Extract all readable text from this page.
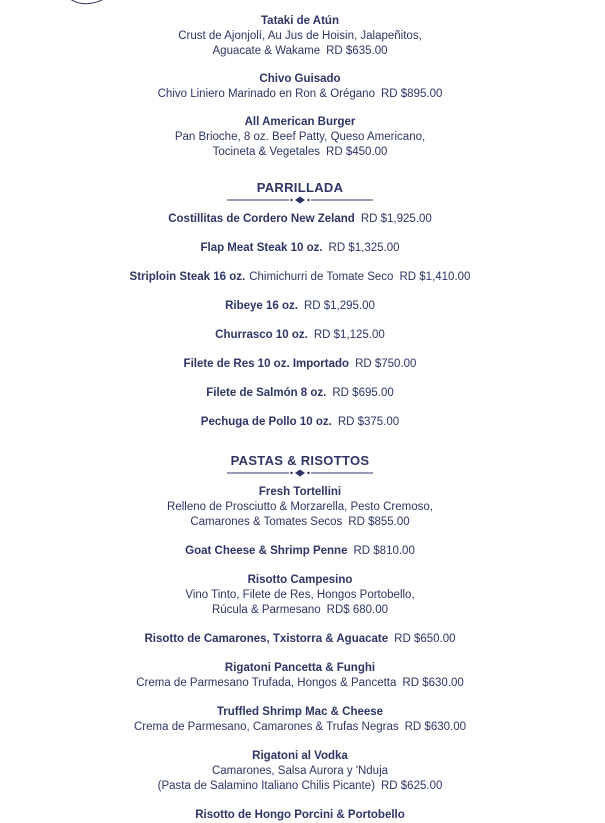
Tataki de Atún
Crust de Ajonjolí, Au Jus de Hoisin, Jalapeñitos,
Aguacate & Wakame RD $635.00
Chivo Guisado
Chivo Liniero Marinado en Ron & Orégano RD $895.00
All American Burger
Pan Brioche, 8 oz. Beef Patty, Queso Americano,
Tocineta & Vegetales RD $450.00
PARRILLADA
Costillitas de Cordero New Zeland RD $1,925.00
Flap Meat Steak 10 oz. RD $1,325.00
Striploin Steak 16 oz. Chimichurri de Tomate Seco RD $1,410.00
Ribeye 16 oz. RD $1,295.00
Churrasco 10 oz. RD $1,125.00
Filete de Res 10 oz. Importado RD $750.00
Filete de Salmón 8 oz. RD $695.00
Pechuga de Pollo 10 oz. RD $375.00
PASTAS & RISOTTOS
Fresh Tortellini
Relleno de Prosciutto & Morzarella, Pesto Cremoso,
Camarones & Tomates Secos RD $855.00
Goat Cheese & Shrimp Penne RD $810.00
Risotto Campesino
Vino Tinto, Filete de Res, Hongos Portobello,
Rúcula & Parmesano RD$ 680.00
Risotto de Camarones, Txistorra & Aguacate RD $650.00
Rigatoni Pancetta & Funghi
Crema de Parmesano Trufada, Hongos & Pancetta RD $630.00
Trufﬂed Shrimp Mac & Cheese
Crema de Parmesano, Camarones & Trufas Negras RD $630.00
Rigatoni al Vodka
Camarones, Salsa Aurora y 'Nduja
(Pasta de Salamino Italiano Chilis Picante) RD $625.00
Risotto de Hongo Porcini & Portobello
